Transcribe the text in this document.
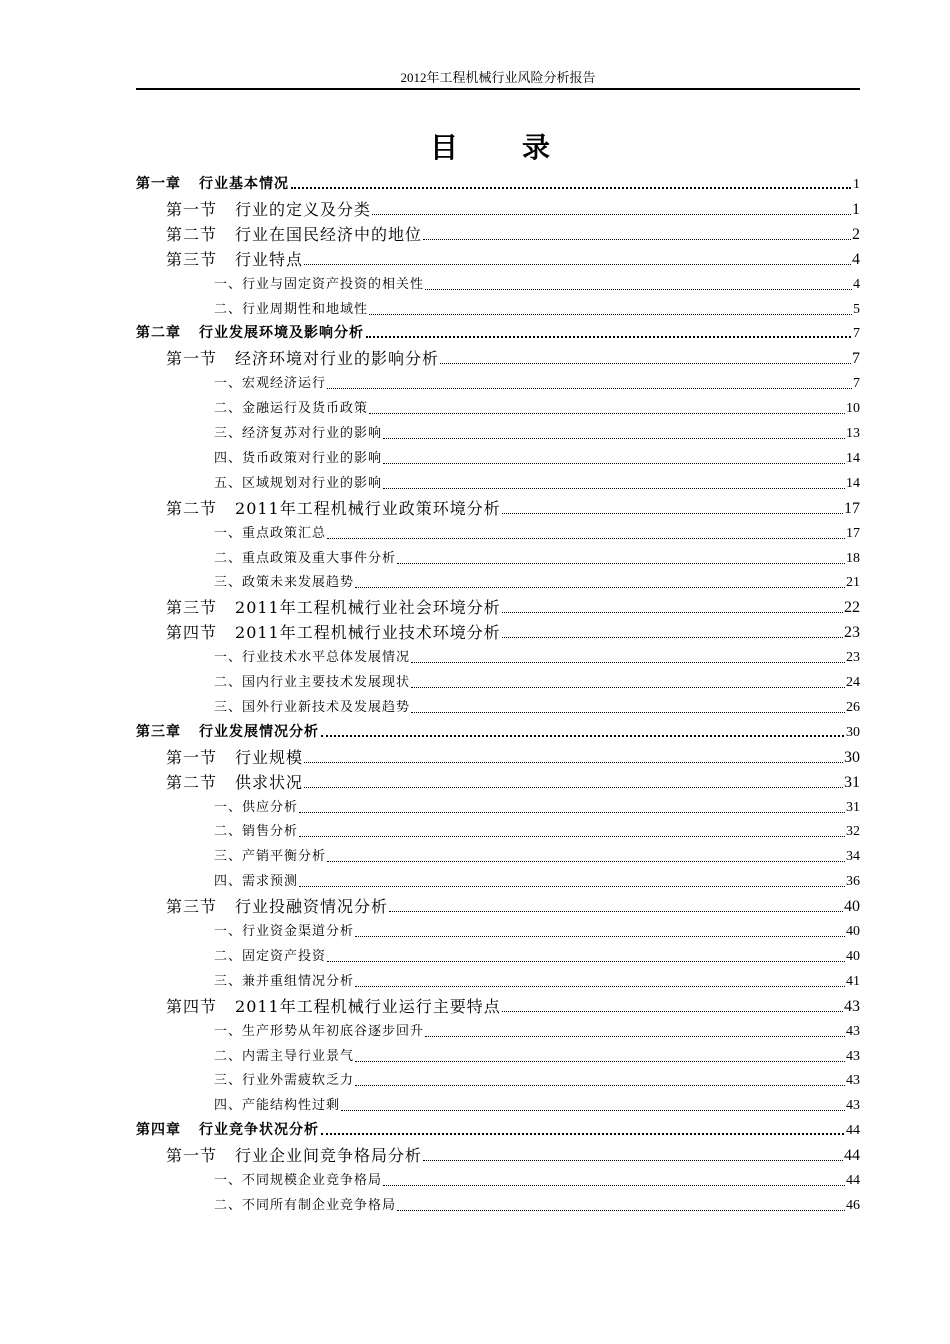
2012年工程机械行业风险分析报告
目　录
第一章 行业基本情况	1
第一节 行业的定义及分类	1
第二节 行业在国民经济中的地位	2
第三节 行业特点	4
一、行业与固定资产投资的相关性	4
二、行业周期性和地域性	5
第二章 行业发展环境及影响分析	7
第一节 经济环境对行业的影响分析	7
一、宏观经济运行	7
二、金融运行及货币政策	10
三、经济复苏对行业的影响	13
四、货币政策对行业的影响	14
五、区域规划对行业的影响	14
第二节 2011年工程机械行业政策环境分析	17
一、重点政策汇总	17
二、重点政策及重大事件分析	18
三、政策未来发展趋势	21
第三节 2011年工程机械行业社会环境分析	22
第四节 2011年工程机械行业技术环境分析	23
一、行业技术水平总体发展情况	23
二、国内行业主要技术发展现状	24
三、国外行业新技术及发展趋势	26
第三章 行业发展情况分析	30
第一节 行业规模	30
第二节 供求状况	31
一、供应分析	31
二、销售分析	32
三、产销平衡分析	34
四、需求预测	36
第三节 行业投融资情况分析	40
一、行业资金渠道分析	40
二、固定资产投资	40
三、兼并重组情况分析	41
第四节 2011年工程机械行业运行主要特点	43
一、生产形势从年初底谷逐步回升	43
二、内需主导行业景气	43
三、行业外需疲软乏力	43
四、产能结构性过剩	43
第四章 行业竞争状况分析	44
第一节 行业企业间竞争格局分析	44
一、不同规模企业竞争格局	44
二、不同所有制企业竞争格局	46
